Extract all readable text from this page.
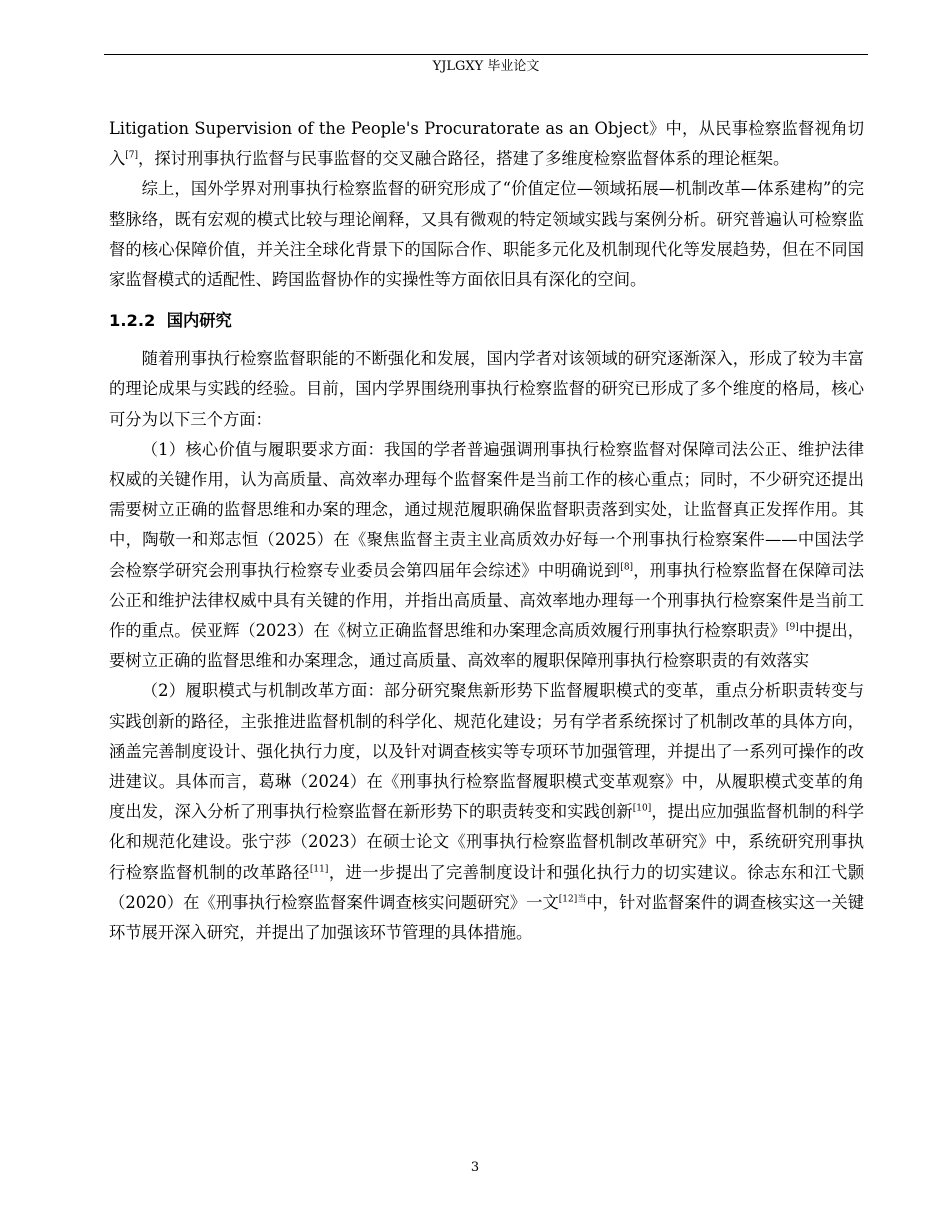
YJLGXY 毕业论文

Litigation Supervision of the People's Procuratorate as an Object》中，从民事检察监督视角切入[7]，探讨刑事执行监督与民事监督的交叉融合路径，搭建了多维度检察监督体系的理论框架。

综上，国外学界对刑事执行检察监督的研究形成了“价值定位—领域拓展—机制改革—体系建构”的完整脉络，既有宏观的模式比较与理论阐释，又具有微观的特定领域实践与案例分析。研究普遍认可检察监督的核心保障价值，并关注全球化背景下的国际合作、职能多元化及机制现代化等发展趋势，但在不同国家监督模式的适配性、跨国监督协作的实操性等方面依旧具有深化的空间。

1.2.2 国内研究

随着刑事执行检察监督职能的不断强化和发展，国内学者对该领域的研究逐渐深入，形成了较为丰富的理论成果与实践的经验。目前，国内学界围绕刑事执行检察监督的研究已形成了多个维度的格局，核心可分为以下三个方面：

（1）核心价值与履职要求方面：我国的学者普遍强调刑事执行检察监督对保障司法公正、维护法律权威的关键作用，认为高质量、高效率办理每个监督案件是当前工作的核心重点；同时，不少研究还提出需要树立正确的监督思维和办案的理念，通过规范履职确保监督职责落到实处，让监督真正发挥作用。其中，陶敬一和郑志恒（2025）在《聚焦监督主责主业高质效办好每一个刑事执行检察案件——中国法学会检察学研究会刑事执行检察专业委员会第四届年会综述》中明确说到[8]，刑事执行检察监督在保障司法公正和维护法律权威中具有关键的作用，并指出高质量、高效率地办理每一个刑事执行检察案件是当前工作的重点。侯亚辉（2023）在《树立正确监督思维和办案理念高质效履行刑事执行检察职责》[9]中提出，要树立正确的监督思维和办案理念，通过高质量、高效率的履职保障刑事执行检察职责的有效落实

（2）履职模式与机制改革方面：部分研究聚焦新形势下监督履职模式的变革，重点分析职责转变与实践创新的路径，主张推进监督机制的科学化、规范化建设；另有学者系统探讨了机制改革的具体方向，涵盖完善制度设计、强化执行力度，以及针对调查核实等专项环节加强管理，并提出了一系列可操作的改进建议。具体而言，葛琳（2024）在《刑事执行检察监督履职模式变革观察》中，从履职模式变革的角度出发，深入分析了刑事执行检察监督在新形势下的职责转变和实践创新[10]，提出应加强监督机制的科学化和规范化建设。张宁莎（2023）在硕士论文《刑事执行检察监督机制改革研究》中，系统研究刑事执行检察监督机制的改革路径[11]，进一步提出了完善制度设计和强化执行力的切实建议。徐志东和江弋颢（2020）在《刑事执行检察监督案件调查核实问题研究》一文$^{[12]当}$中，针对监督案件的调查核实这一关键环节展开深入研究，并提出了加强该环节管理的具体措施。

3
